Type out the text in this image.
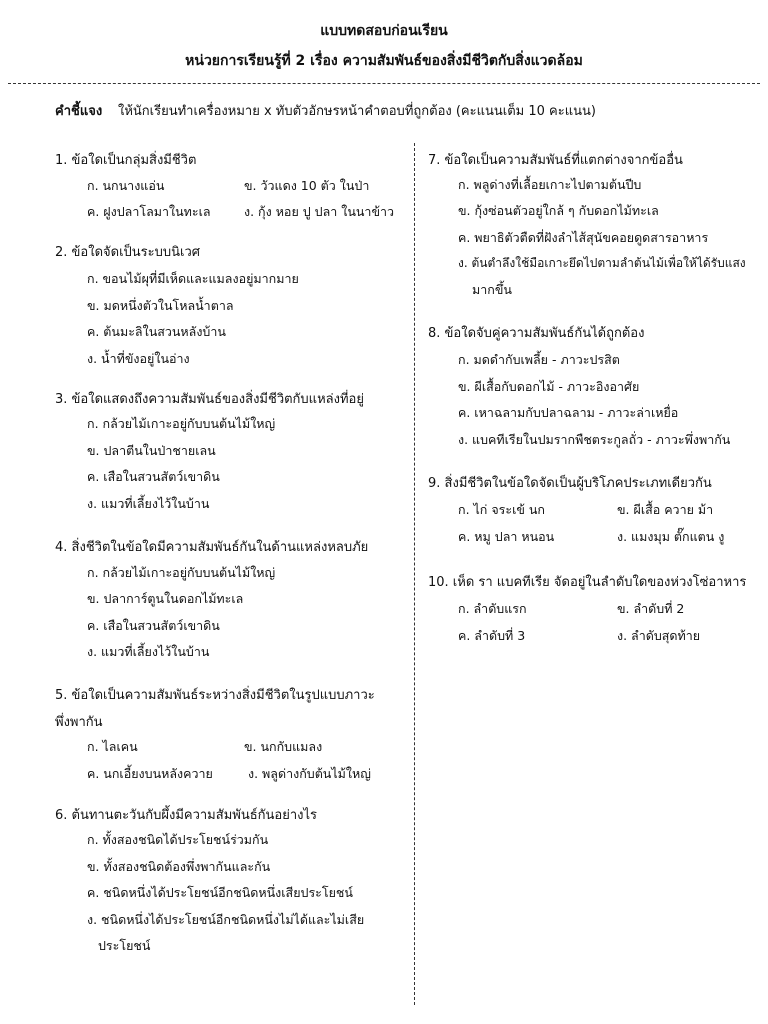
แบบทดสอบก่อนเรียน
หน่วยการเรียนรู้ที่ 2 เรื่อง ความสัมพันธ์ของสิ่งมีชีวิตกับสิ่งแวดล้อม
คำชี้แจง ให้นักเรียนทำเครื่องหมาย x ทับตัวอักษรหน้าคำตอบที่ถูกต้อง (คะแนนเต็ม 10 คะแนน)
1. ข้อใดเป็นกลุ่มสิ่งมีชีวิต
ก. นกนางแอ่น	ข. วัวแดง 10 ตัว ในป่า
ค. ฝูงปลาโลมาในทะเล	ง. กุ้ง หอย ปู ปลา ในนาข้าว
2. ข้อใดจัดเป็นระบบนิเวศ
ก. ขอนไม้ผุที่มีเห็ดและแมลงอยู่มากมาย
ข. มดหนึ่งตัวในโหลน้ำตาล
ค. ต้นมะลิในสวนหลังบ้าน
ง. น้ำที่ขังอยู่ในอ่าง
3. ข้อใดแสดงถึงความสัมพันธ์ของสิ่งมีชีวิตกับแหล่งที่อยู่
ก. กล้วยไม้เกาะอยู่กับบนต้นไม้ใหญ่
ข. ปลาตีนในป่าชายเลน
ค. เสือในสวนสัตว์เขาดิน
ง. แมวที่เลี้ยงไว้ในบ้าน
4. สิ่งชีวิตในข้อใดมีความสัมพันธ์กันในด้านแหล่งหลบภัย
ก. กล้วยไม้เกาะอยู่กับบนต้นไม้ใหญ่
ข. ปลาการ์ตูนในดอกไม้ทะเล
ค. เสือในสวนสัตว์เขาดิน
ง. แมวที่เลี้ยงไว้ในบ้าน
5. ข้อใดเป็นความสัมพันธ์ระหว่างสิ่งมีชีวิตในรูปแบบภาวะ
พึ่งพากัน
ก. ไลเคน	ข. นกกับแมลง
ค. นกเอี้ยงบนหลังควาย	ง. พลูด่างกับต้นไม้ใหญ่
6. ต้นทานตะวันกับผึ้งมีความสัมพันธ์กันอย่างไร
ก. ทั้งสองชนิดได้ประโยชน์ร่วมกัน
ข. ทั้งสองชนิดต้องพึ่งพากันและกัน
ค. ชนิดหนึ่งได้ประโยชน์อีกชนิดหนึ่งเสียประโยชน์
ง. ชนิดหนึ่งได้ประโยชน์อีกชนิดหนึ่งไม่ได้และไม่เสีย
ประโยชน์
7. ข้อใดเป็นความสัมพันธ์ที่แตกต่างจากข้ออื่น
ก. พลูด่างที่เลื้อยเกาะไปตามต้นปีบ
ข. กุ้งซ่อนตัวอยู่ใกล้ ๆ กับดอกไม้ทะเล
ค. พยาธิตัวตืดที่ฝังลำไส้สุนัขคอยดูดสารอาหาร
ง. ต้นตำลึงใช้มือเกาะยึดไปตามลำต้นไม้เพื่อให้ได้รับแสง
มากขึ้น
8. ข้อใดจับคู่ความสัมพันธ์กันได้ถูกต้อง
ก. มดดำกับเพลี้ย - ภาวะปรสิต
ข. ผีเสื้อกับดอกไม้ - ภาวะอิงอาศัย
ค. เหาฉลามกับปลาฉลาม - ภาวะล่าเหยื่อ
ง. แบคทีเรียในปมรากพืชตระกูลถั่ว - ภาวะพึ่งพากัน
9. สิ่งมีชีวิตในข้อใดจัดเป็นผู้บริโภคประเภทเดียวกัน
ก. ไก่ จระเข้ นก	ข. ผีเสื้อ ควาย ม้า
ค. หมู ปลา หนอน	ง. แมงมุม ตั๊กแตน งู
10. เห็ด รา แบคทีเรีย จัดอยู่ในลำดับใดของห่วงโซ่อาหาร
ก. ลำดับแรก	ข. ลำดับที่ 2
ค. ลำดับที่ 3	ง. ลำดับสุดท้าย
